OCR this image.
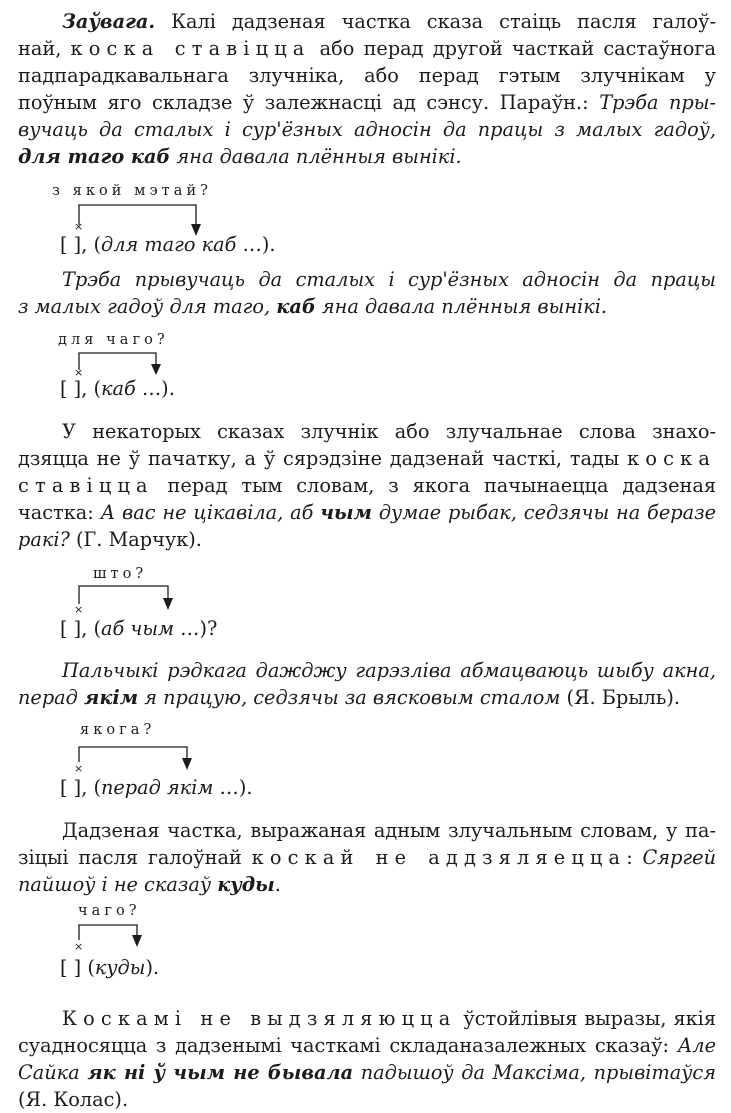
Заўвага. Калі дадзеная частка сказа стаіць пасля галоў-
най, коска ставіцца або перад другой часткай састаўнога
падпарадкавальнага злучніка, або перад гэтым злучнікам у
поўным яго складзе ў залежнасці ад сэнсу. Параўн.: Трэба пры-
вучаць да сталых і сур'ёзных адносін да працы з малых гадоў,
для таго каб яна давала плённыя вынікі.
з якой мэтай?
×
[ ], (для таго каб …).
Трэба прывучаць да сталых і сур'ёзных адносін да працы
з малых гадоў для таго, каб яна давала плённыя вынікі.
для чаго?
×
[ ], (каб …).
У некаторых сказах злучнік або злучальнае слова знахо-
дзяцца не ў пачатку, а ў сярэдзіне дадзенай часткі, тады коска
ставіцца перад тым словам, з якога пачынаецца дадзеная
частка: А вас не цікавіла, аб чым думае рыбак, седзячы на беразе
ракі? (Г. Марчук).
што?
×
[ ], (аб чым …)?
Пальчыкі рэдкага дажджу гарэзліва абмацваюць шыбу акна,
перад якім я працую, седзячы за вясковым сталом (Я. Брыль).
якога?
×
[ ], (перад якім …).
Дадзеная частка, выражаная адным злучальным словам, у па-
зіцыі пасля галоўнай коскай не аддзяляецца: Сяргей
пайшоў і не сказаў куды.
чаго?
×
[ ] (куды).
Коскамі не выдзяляюцца ўстойлівыя выразы, якія
суадносяцца з дадзенымі часткамі складаназалежных сказаў: Але
Сайка як ні ў чым не бывала падышоў да Максіма, прывітаўся
(Я. Колас).
